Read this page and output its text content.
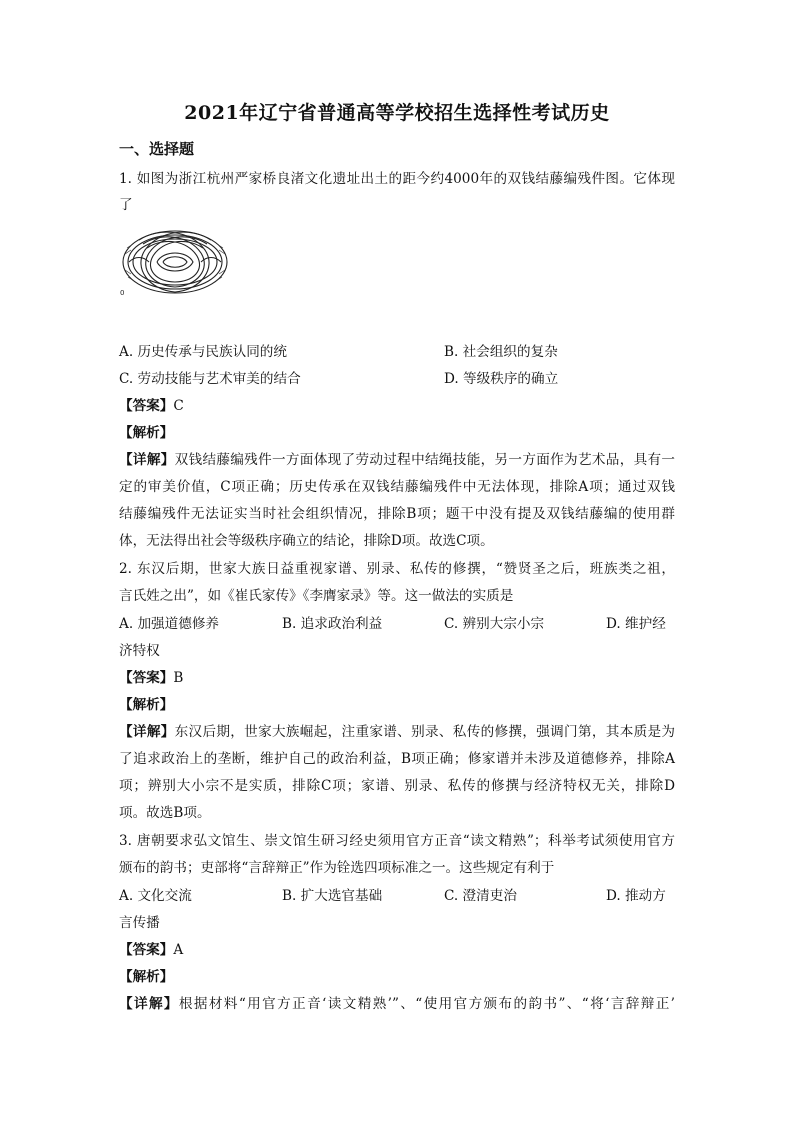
2021年辽宁省普通高等学校招生选择性考试历史
一、选择题
1. 如图为浙江杭州严家桥良渚文化遗址出土的距今约4000年的双钱结藤编残件图。它体现
了
0
A. 历史传承与民族认同的统	B. 社会组织的复杂
C. 劳动技能与艺术审美的结合	D. 等级秩序的确立
【答案】C
【解析】
【详解】双钱结藤编残件一方面体现了劳动过程中结绳技能，另一方面作为艺术品，具有一
定的审美价值，C项正确；历史传承在双钱结藤编残件中无法体现，排除A项；通过双钱
结藤编残件无法证实当时社会组织情况，排除B项；题干中没有提及双钱结藤编的使用群
体，无法得出社会等级秩序确立的结论，排除D项。故选C项。
2. 东汉后期，世家大族日益重视家谱、别录、私传的修撰，“赞贤圣之后，班族类之祖，
言氏姓之出”，如《崔氏家传》《李膺家录》等。这一做法的实质是
A. 加强道德修养	B. 追求政治利益	C. 辨别大宗小宗	D. 维护经
济特权
【答案】B
【解析】
【详解】东汉后期，世家大族崛起，注重家谱、别录、私传的修撰，强调门第，其本质是为
了追求政治上的垄断，维护自己的政治利益，B项正确；修家谱并未涉及道德修养，排除A
项；辨别大小宗不是实质，排除C项；家谱、别录、私传的修撰与经济特权无关，排除D
项。故选B项。
3. 唐朝要求弘文馆生、崇文馆生研习经史须用官方正音“读文精熟”；科举考试须使用官方
颁布的韵书；吏部将“言辞辩正”作为铨选四项标准之一。这些规定有利于
A. 文化交流	B. 扩大选官基础	C. 澄清吏治	D. 推动方
言传播
【答案】A
【解析】
【详解】根据材料“用官方正音‘读文精熟’”、“使用官方颁布的韵书”、“将‘言辞辩正’
